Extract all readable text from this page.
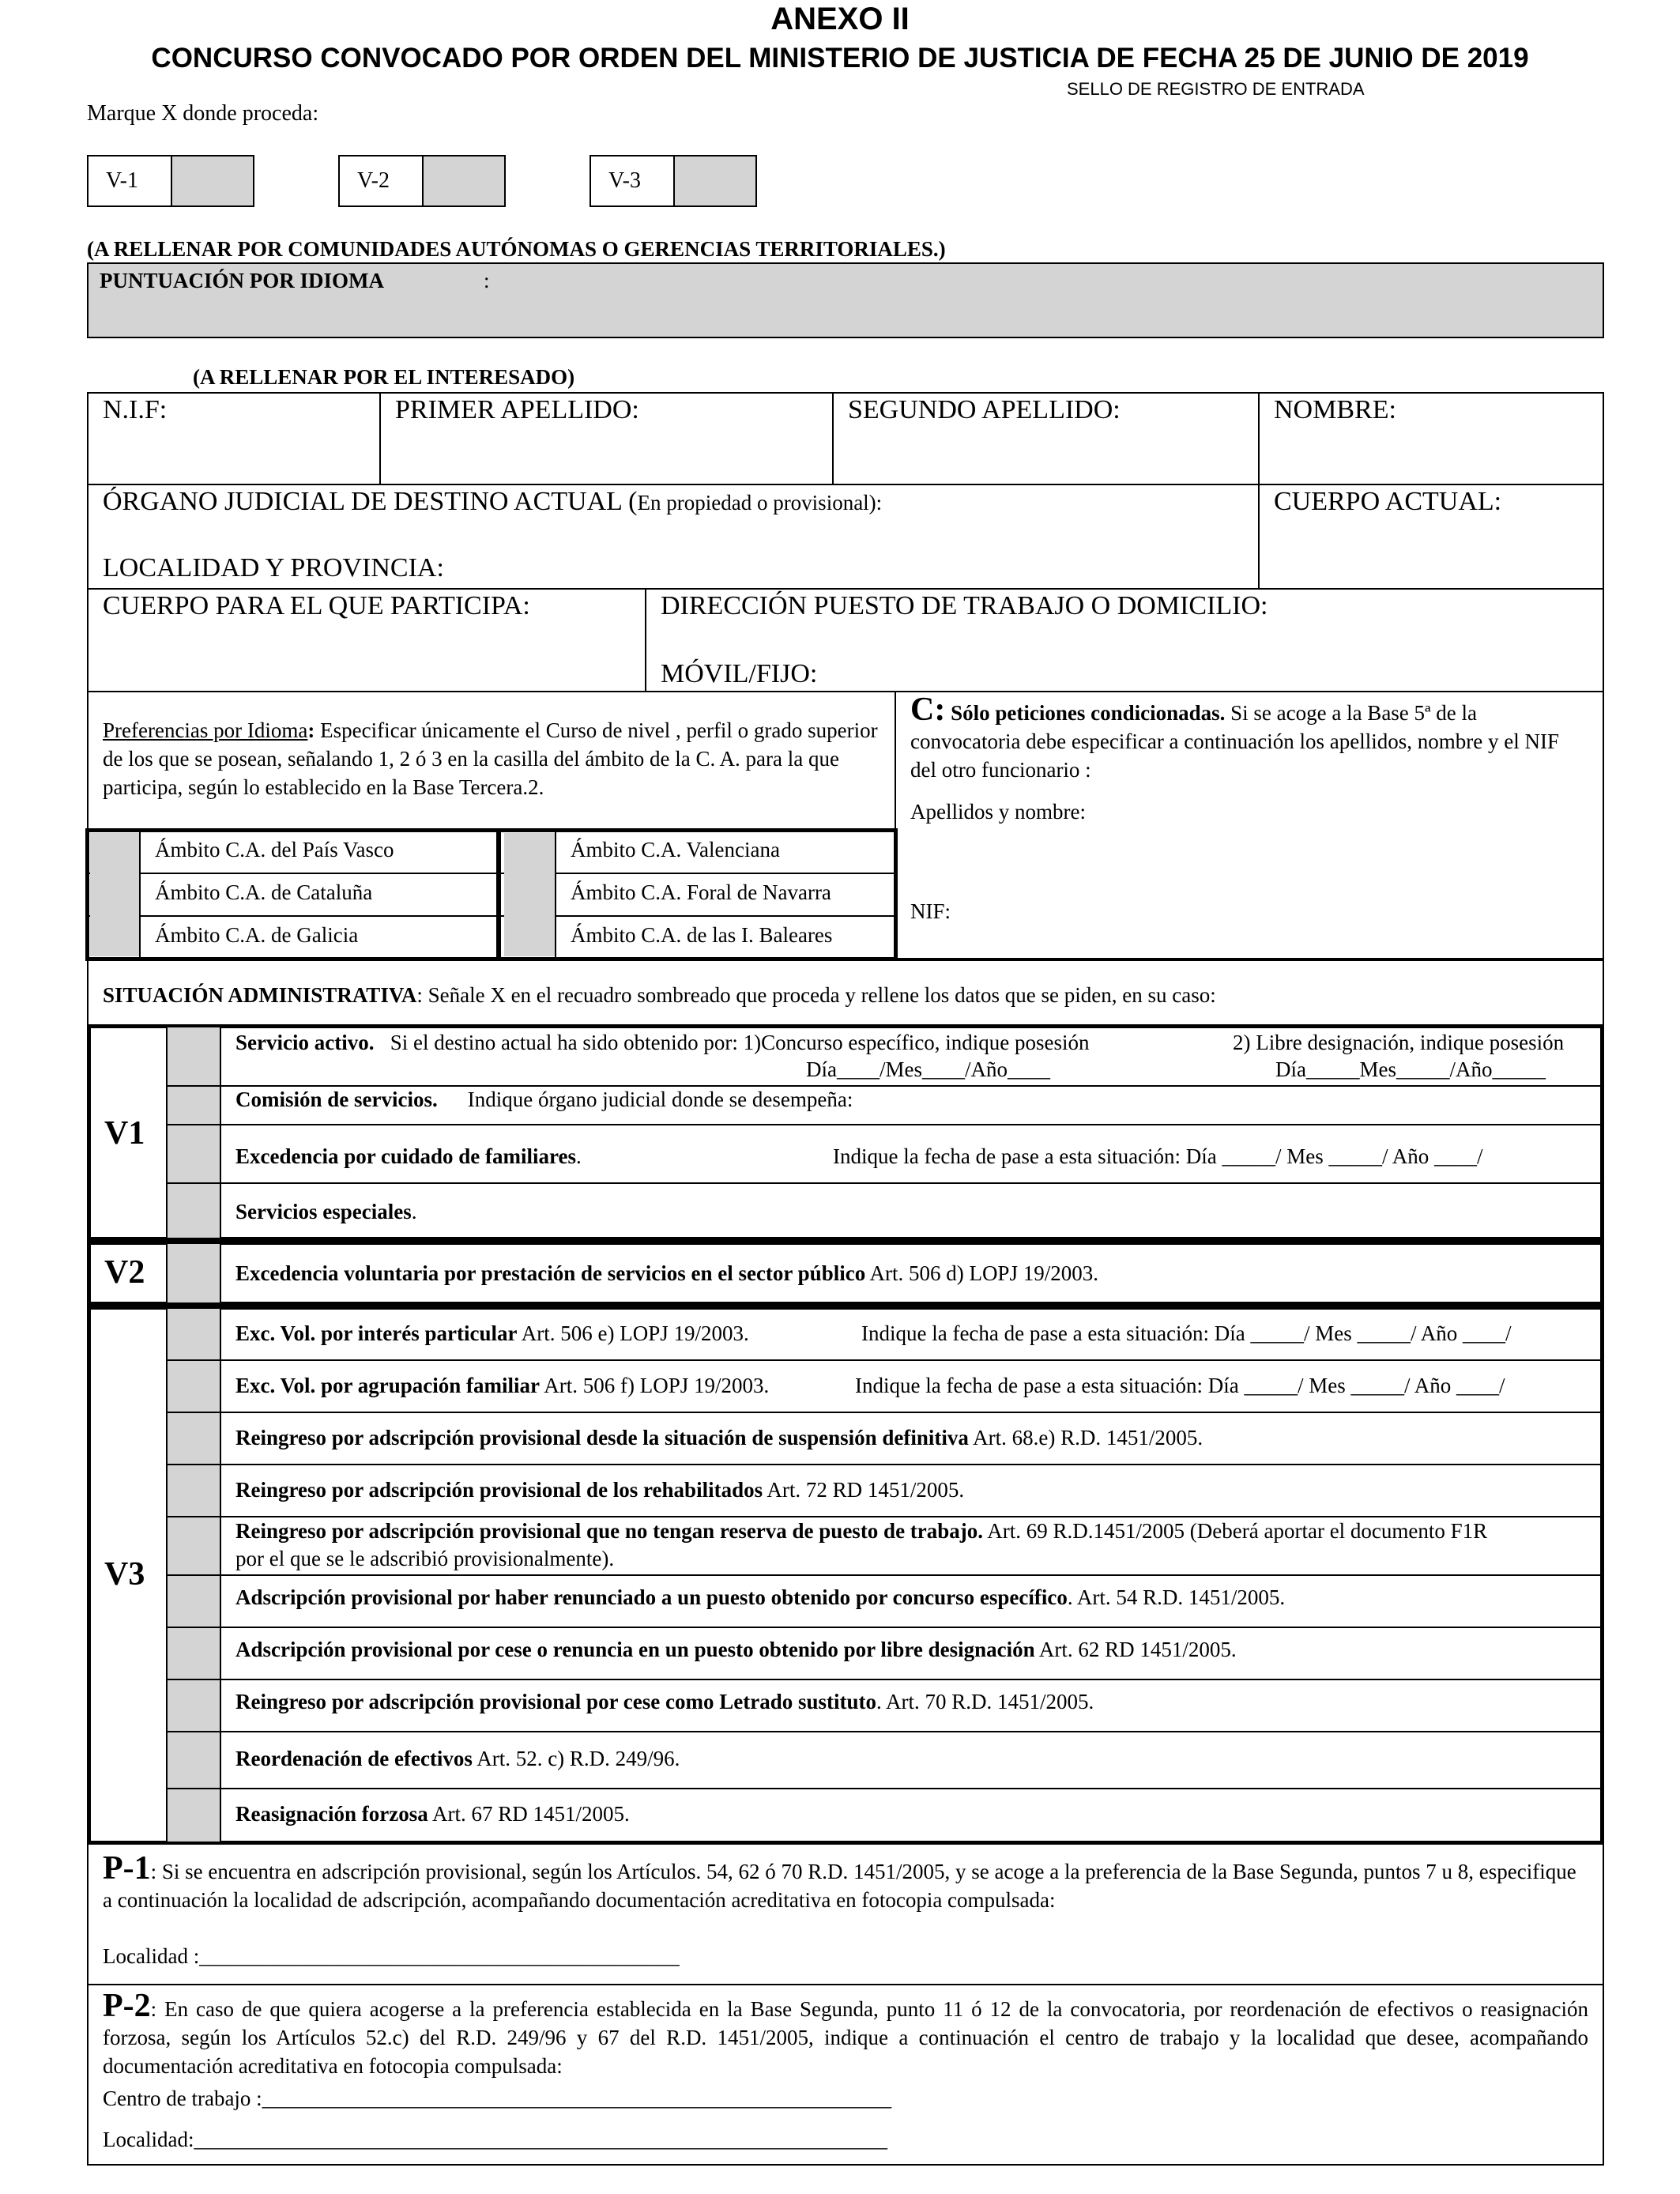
ANEXO II
CONCURSO CONVOCADO POR ORDEN DEL MINISTERIO DE JUSTICIA DE FECHA 25 DE JUNIO DE 2019
SELLO DE REGISTRO DE ENTRADA
Marque X donde proceda:
V-1	V-2	V-3
(A RELLENAR POR COMUNIDADES AUTÓNOMAS O GERENCIAS TERRITORIALES.)
PUNTUACIÓN POR IDIOMA	:
(A RELLENAR POR EL INTERESADO)
N.I.F:	PRIMER APELLIDO:	SEGUNDO APELLIDO:	NOMBRE:
ÓRGANO JUDICIAL DE DESTINO ACTUAL (En propiedad o provisional):
LOCALIDAD Y PROVINCIA:
CUERPO ACTUAL:
CUERPO PARA EL QUE PARTICIPA:	DIRECCIÓN PUESTO DE TRABAJO O DOMICILIO:
MÓVIL/FIJO:
Preferencias por Idioma: Especificar únicamente el Curso de nivel , perfil o grado superior de los que se posean, señalando 1, 2 ó 3 en la casilla del ámbito de la C. A. para la que participa, según lo establecido en la Base Tercera.2.
Ámbito C.A. del País Vasco
Ámbito C.A. de Cataluña
Ámbito C.A. de Galicia
Ámbito C.A. Valenciana
Ámbito C.A. Foral de Navarra
Ámbito C.A. de las I. Baleares
C: Sólo peticiones condicionadas. Si se acoge a la Base 5ª de la convocatoria debe especificar a continuación los apellidos, nombre y el NIF del otro funcionario :
Apellidos y nombre:
NIF:
SITUACIÓN ADMINISTRATIVA: Señale X en el recuadro sombreado que proceda y rellene los datos que se piden, en su caso:
V1
Servicio activo.   Si el destino actual ha sido obtenido por: 1)Concurso específico, indique posesión	2) Libre designación, indique posesión
Día____/Mes____/Año____	Día_____Mes_____/Año_____
Comisión de servicios. Indique órgano judicial donde se desempeña:
Excedencia por cuidado de familiares.	Indique la fecha de pase a esta situación: Día _____/ Mes _____/ Año ____/
Servicios especiales.
V2	Excedencia voluntaria por prestación de servicios en el sector público Art. 506 d) LOPJ 19/2003.
V3
Exc. Vol. por interés particular Art. 506 e) LOPJ 19/2003.	Indique la fecha de pase a esta situación: Día _____/ Mes _____/ Año ____/
Exc. Vol. por agrupación familiar Art. 506 f) LOPJ 19/2003.	Indique la fecha de pase a esta situación: Día _____/ Mes _____/ Año ____/
Reingreso por adscripción provisional desde la situación de suspensión definitiva Art. 68.e) R.D. 1451/2005.
Reingreso por adscripción provisional de los rehabilitados Art. 72 RD 1451/2005.
Reingreso por adscripción provisional que no tengan reserva de puesto de trabajo. Art. 69 R.D.1451/2005 (Deberá aportar el documento F1R por el que se le adscribió provisionalmente).
Adscripción provisional por haber renunciado a un puesto obtenido por concurso específico. Art. 54 R.D. 1451/2005.
Adscripción provisional por cese o renuncia en un puesto obtenido por libre designación Art. 62 RD 1451/2005.
Reingreso por adscripción provisional por cese como Letrado sustituto. Art. 70 R.D. 1451/2005.
Reordenación de efectivos Art. 52. c) R.D. 249/96.
Reasignación forzosa Art. 67 RD 1451/2005.
P-1: Si se encuentra en adscripción provisional, según los Artículos. 54, 62 ó 70 R.D. 1451/2005, y se acoge a la preferencia de la Base Segunda, puntos 7 u 8, especifique a continuación la localidad de adscripción, acompañando documentación acreditativa en fotocopia compulsada:
Localidad :_____________________________________________
P-2: En caso de que quiera acogerse a la preferencia establecida en la Base Segunda, punto 11 ó 12 de la convocatoria, por reordenación de efectivos o reasignación forzosa, según los Artículos 52.c) del R.D. 249/96 y 67 del R.D. 1451/2005, indique a continuación el centro de trabajo y la localidad que desee, acompañando documentación acreditativa en fotocopia compulsada:
Centro de trabajo :___________________________________________________________
Localidad:_________________________________________________________________
